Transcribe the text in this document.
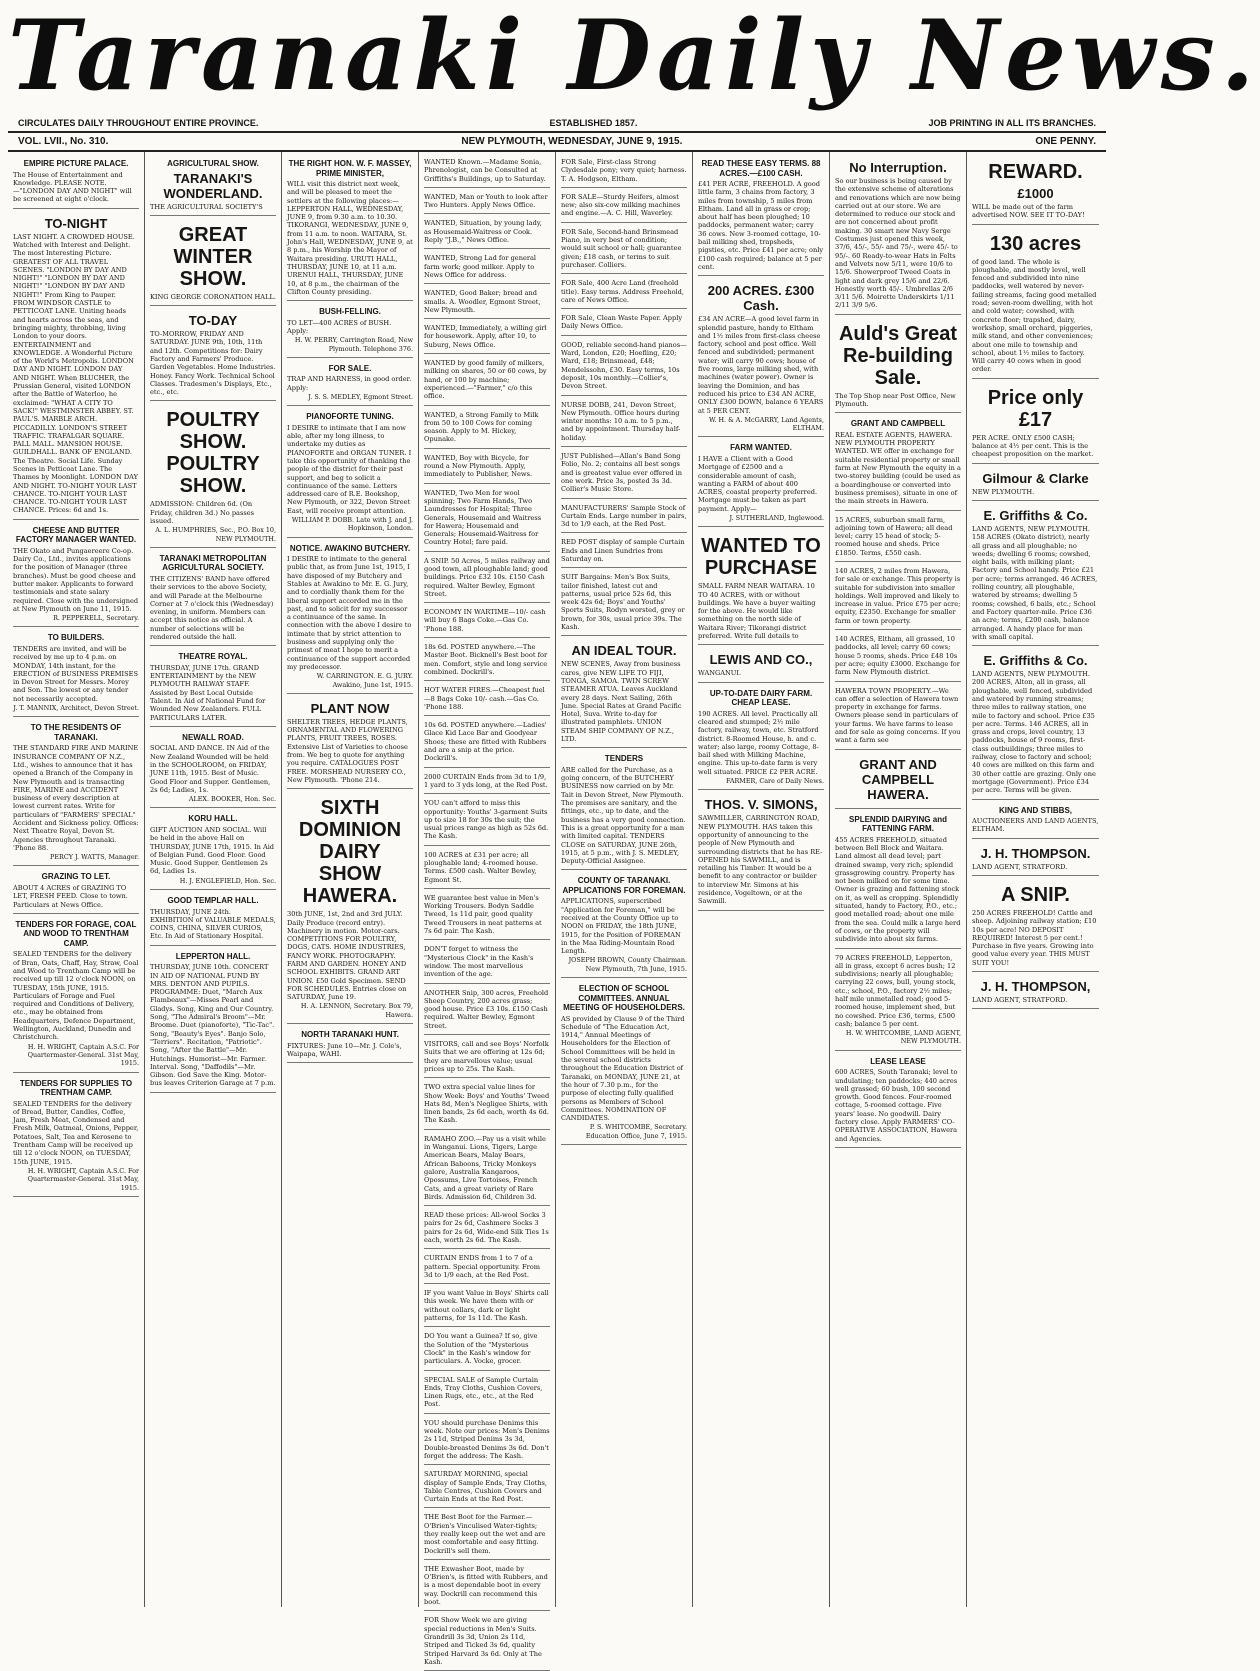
Taranaki Daily News.
CIRCULATES DAILY THROUGHOUT ENTIRE PROVINCE.	ESTABLISHED 1857.	JOB PRINTING IN ALL ITS BRANCHES.
VOL. LVII., No. 310.	NEW PLYMOUTH, WEDNESDAY, JUNE 9, 1915.	ONE PENNY.
EMPIRE PICTURE PALACE.
The House of Entertainment and Knowledge. PLEASE NOTE.—"LONDON DAY AND NIGHT" will be screened at eight o'clock.
TO-NIGHT
LAST NIGHT. A CROWDED HOUSE. Watched with Interest and Delight. The most Interesting Picture. GREATEST OF ALL TRAVEL SCENES. "LONDON BY DAY AND NIGHT!" "LONDON BY DAY AND NIGHT!" "LONDON BY DAY AND NIGHT!" From King to Pauper. FROM WINDSOR CASTLE to PETTICOAT LANE. Uniting heads and hearts across the seas, and bringing mighty, throbbing, living London to your doors. ENTERTAINMENT and KNOWLEDGE. A Wonderful Picture of the World's Metropolis. LONDON DAY AND NIGHT. LONDON DAY AND NIGHT. When BLUCHER, the Prussian General, visited LONDON after the Battle of Waterloo, he exclaimed: "WHAT A CITY TO SACK!" WESTMINSTER ABBEY. ST. PAUL'S. MARBLE ARCH. PICCADILLY. LONDON'S STREET TRAFFIC. TRAFALGAR SQUARE. PALL MALL. MANSION HOUSE. GUILDHALL. BANK OF ENGLAND. The Theatre. Social Life. Sunday Scenes in Petticoat Lane. The Thames by Moonlight. LONDON DAY AND NIGHT. TO-NIGHT YOUR LAST CHANCE. TO-NIGHT YOUR LAST CHANCE. TO-NIGHT YOUR LAST CHANCE. Prices: 6d and 1s.
CHEESE AND BUTTER FACTORY MANAGER WANTED.
THE Okato and Pungaereere Co-op. Dairy Co., Ltd., invites applications for the position of Manager (three branches). Must be good cheese and butter maker. Applicants to forward testimonials and state salary required. Close with the undersigned at New Plymouth on June 11, 1915.
R. PEPPERELL, Secretary.
TO BUILDERS.
TENDERS are invited, and will be received by me up to 4 p.m. on MONDAY, 14th instant, for the ERECTION of BUSINESS PREMISES in Devon Street for Messrs. Morey and Son. The lowest or any tender not necessarily accepted.
J. T. MANNIX, Architect, Devon Street.
TO THE RESIDENTS OF TARANAKI.
THE STANDARD FIRE AND MARINE INSURANCE COMPANY OF N.Z., Ltd., wishes to announce that it has opened a Branch of the Company in New Plymouth and is transacting FIRE, MARINE and ACCIDENT business of every description at lowest current rates. Write for particulars of "FARMERS' SPECIAL" Accident and Sickness policy. Offices: Next Theatre Royal, Devon St. Agencies throughout Taranaki. 'Phone 88.
PERCY J. WATTS, Manager.
GRAZING TO LET.
ABOUT 4 ACRES of GRAZING TO LET, FRESH FEED. Close to town. Particulars at News Office.
TENDERS FOR FORAGE, COAL AND WOOD TO TRENTHAM CAMP.
SEALED TENDERS for the delivery of Bran, Oats, Chaff, Hay, Straw, Coal and Wood to Trentham Camp will be received up till 12 o'clock NOON, on TUESDAY, 15th JUNE, 1915. Particulars of Forage and Fuel required and Conditions of Delivery, etc., may be obtained from Headquarters, Defence Department, Wellington, Auckland, Dunedin and Christchurch.
H. H. WRIGHT, Captain A.S.C. For Quartermaster-General. 31st May, 1915.
TENDERS FOR SUPPLIES TO TRENTHAM CAMP.
SEALED TENDERS for the delivery of Bread, Butter, Candles, Coffee, Jam, Fresh Meat, Condensed and Fresh Milk, Oatmeal, Onions, Pepper, Potatoes, Salt, Tea and Kerosene to Trentham Camp will be received up till 12 o'clock NOON, on TUESDAY, 15th JUNE, 1915.
H. H. WRIGHT, Captain A.S.C. For Quartermaster-General. 31st May, 1915.
AGRICULTURAL SHOW.
TARANAKI'S WONDERLAND.
THE AGRICULTURAL SOCIETY'S
GREAT WINTER SHOW.
KING GEORGE CORONATION HALL.
TO-DAY
TO-MORROW, FRIDAY AND SATURDAY. JUNE 9th, 10th, 11th and 12th. Competitions for: Dairy Factory and Farmers' Produce. Garden Vegetables. Home Industries. Honey. Fancy Work. Technical School Classes. Tradesmen's Displays, Etc., etc., etc.
POULTRY SHOW. POULTRY SHOW.
ADMISSION: Children 6d. (On Friday, children 3d.) No passes issued.
A. L. HUMPHRIES, Sec., P.O. Box 10, NEW PLYMOUTH.
TARANAKI METROPOLITAN AGRICULTURAL SOCIETY.
THE CITIZENS' BAND have offered their services to the above Society, and will Parade at the Melbourne Corner at 7 o'clock this (Wednesday) evening, in uniform. Members can accept this notice as official. A number of selections will be rendered outside the hall.
THEATRE ROYAL.
THURSDAY, JUNE 17th. GRAND ENTERTAINMENT by the NEW PLYMOUTH RAILWAY STAFF. Assisted by Best Local Outside Talent. In Aid of National Fund for Wounded New Zealanders. FULL PARTICULARS LATER.
NEWALL ROAD.
SOCIAL AND DANCE. IN Aid of the New Zealand Wounded will be held in the SCHOOLROOM, on FRIDAY, JUNE 11th, 1915. Best of Music. Good Floor and Supper. Gentlemen, 2s 6d; Ladies, 1s.
ALEX. BOOKER, Hon. Sec.
KORU HALL.
GIFT AUCTION AND SOCIAL. Will be held in the above Hall on THURSDAY, JUNE 17th, 1915. In Aid of Belgian Fund. Good Floor. Good Music. Good Supper. Gentlemen 2s 6d, Ladies 1s.
H. J. ENGLEFIELD, Hon. Sec.
GOOD TEMPLAR HALL.
THURSDAY, JUNE 24th. EXHIBITION of VALUABLE MEDALS, COINS, CHINA, SILVER CURIOS, Etc. In Aid of Stationary Hospital.
LEPPERTON HALL.
THURSDAY, JUNE 10th. CONCERT IN AID OF NATIONAL FUND BY MRS. DENTON AND PUPILS. PROGRAMME: Duet, "March Aux Flambeaux"—Misses Pearl and Gladys. Song, King and Our Country. Song, "The Admiral's Broom"—Mr. Broome. Duet (pianoforte), "Tic-Tac". Song, "Beauty's Eyes". Banjo Solo, "Terriers". Recitation, "Patriotic". Song, "After the Battle"—Mr. Hutchings. Humorist—Mr. Farmer. Interval. Song, "Daffodils"—Mr. Gibson. God Save the King. Motor-bus leaves Criterion Garage at 7 p.m.
THE RIGHT HON. W. F. MASSEY, PRIME MINISTER,
WILL visit this district next week, and will be pleased to meet the settlers at the following places:— LEPPERTON HALL, WEDNESDAY, JUNE 9, from 9.30 a.m. to 10.30. TIKORANGI, WEDNESDAY, JUNE 9, from 11 a.m. to noon. WAITARA, St. John's Hall, WEDNESDAY, JUNE 9, at 8 p.m., his Worship the Mayor of Waitara presiding. URUTI HALL, THURSDAY, JUNE 10, at 11 a.m. URENUI HALL, THURSDAY, JUNE 10, at 8 p.m., the chairman of the Clifton County presiding.
BUSH-FELLING.
TO LET—400 ACRES of BUSH. Apply:
H. W. PERRY, Carrington Road, New Plymouth. Telephone 376.
FOR SALE.
TRAP AND HARNESS, in good order. Apply:
J. S. S. MEDLEY, Egmont Street.
PIANOFORTE TUNING.
I DESIRE to intimate that I am now able, after my long illness, to undertake my duties as PIANOFORTE and ORGAN TUNER. I take this opportunity of thanking the people of the district for their past support, and beg to solicit a continuance of the same. Letters addressed care of R.E. Bookshop, New Plymouth, or 322, Devon Street East, will receive prompt attention.
WILLIAM P. DOBB. Late with J. and J. Hopkinson, London.
NOTICE. AWAKINO BUTCHERY.
I DESIRE to intimate to the general public that, as from June 1st, 1915, I have disposed of my Butchery and Stables at Awakino to Mr. E. G. Jury, and to cordially thank them for the liberal support accorded me in the past, and to solicit for my successor a continuance of the same. In connection with the above I desire to intimate that by strict attention to business and supplying only the primest of meat I hope to merit a continuance of the support accorded my predecessor.
W. CARRINGTON. E. G. JURY. Awakino, June 1st, 1915.
PLANT NOW
SHELTER TREES, HEDGE PLANTS, ORNAMENTAL AND FLOWERING PLANTS, FRUIT TREES, ROSES. Extensive List of Varieties to choose from. We beg to quote for anything you require. CATALOGUES POST FREE. MORSHEAD NURSERY CO., New Plymouth. 'Phone 214.
SIXTH DOMINION DAIRY SHOW HAWERA.
30th JUNE, 1st, 2nd and 3rd JULY. Daily Produce (record entry). Machinery in motion. Motor-cars. COMPETITIONS FOR POULTRY, DOGS, CATS. HOME INDUSTRIES, FANCY WORK. PHOTOGRAPHY. FARM AND GARDEN. HONEY AND SCHOOL EXHIBITS. GRAND ART UNION. £50 Gold Specimen. SEND FOR SCHEDULES. Entries close on SATURDAY, June 19.
H. A. LENNON, Secretary. Box 79, Hawera.
NORTH TARANAKI HUNT.
FIXTURES: June 10—Mr. J. Cole's, Waipapa, WAHI.
WANTED Known.—Madame Sonia, Phrenologist, can be Consulted at Griffiths's Buildings, up to Saturday.
WANTED, Man or Youth to look after Two Hunters. Apply News Office.
WANTED, Situation, by young lady, as Housemaid-Waitress or Cook. Reply "J.B.," News Office.
WANTED, Strong Lad for general farm work; good milker. Apply to News Office for address.
WANTED, Good Baker; bread and smalls. A. Woodler, Egmont Street, New Plymouth.
WANTED, Immediately, a willing girl for housework. Apply, after 10, to Suburg, News Office.
WANTED by good family of milkers, milking on shares, 50 or 60 cows, by hand, or 100 by machine; experienced.—"Farmer," c/o this office.
WANTED, a Strong Family to Milk from 50 to 100 Cows for coming season. Apply to M. Hickey, Opunake.
WANTED, Boy with Bicycle, for round a New Plymouth. Apply, immediately to Publisher, News.
WANTED, Two Men for wool spinning; Two Farm Hands, Two Laundresses for Hospital; Three Generals, Housemaid and Waitress for Hawera; Housemaid and Generals; Housemaid-Waitress for Country Hotel; fare paid.
A SNIP. 50 Acres, 5 miles railway and good town, all ploughable land; good buildings. Price £32 10s. £150 Cash required. Walter Bewley, Egmont Street.
ECONOMY IN WARTIME—10/- cash will buy 6 Bags Coke.—Gas Co. 'Phone 188.
18s 6d. POSTED anywhere.—The Master Boot. Bicknell's Best boot for men. Comfort, style and long service combined. Dockrill's.
HOT WATER FIRES.—Cheapest fuel —8 Bags Coke 10/- cash.—Gas Co. 'Phone 188.
10s 6d. POSTED anywhere.—Ladies' Glace Kid Lace Bar and Goodyear Shoes; these are fitted with Rubbers and are a snip at the price. Dockrill's.
2000 CURTAIN Ends from 3d to 1/9, 1 yard to 3 yds long, at the Red Post.
YOU can't afford to miss this opportunity: Youths' 3-garment Suits up to size 18 for 30s the suit; the usual prices range as high as 52s 6d. The Kash.
100 ACRES at £31 per acre; all ploughable land; 4-roomed house. Terms. £500 cash. Walter Bewley, Egmont St.
WE guarantee best value in Men's Working Trousers. Bodyn Saddle Tweed, 1s 11d pair, good quality Tweed Trousers in neat patterns at 7s 6d pair. The Kash.
DON'T forget to witness the "Mysterious Clock" in the Kash's window. The most marvellous invention of the age.
ANOTHER Snip, 300 acres, Freehold Sheep Country, 200 acres grass; good house. Price £3 10s. £150 Cash required. Walter Bewley, Egmont Street.
VISITORS, call and see Boys' Norfolk Suits that we are offering at 12s 6d; they are marvellous value; usual prices up to 25s. The Kash.
TWO extra special value lines for Show Week: Boys' and Youths' Tweed Hats 8d, Men's Negligee Shirts, with linen bands, 2s 6d each, worth 4s 6d. The Kash.
RAMAHO ZOO.—Pay us a visit while in Wanganui. Lions, Tigers, Large American Bears, Malay Bears, African Baboons, Tricky Monkeys galore, Australia Kangaroos, Opossums, Live Tortoises, French Cats, and a great variety of Rare Birds. Admission 6d, Children 3d.
READ these prices: All-wool Socks 3 pairs for 2s 6d, Cashmere Socks 3 pairs for 2s 6d, Wide-end Silk Ties 1s each, worth 2s 6d. The Kash.
CURTAIN ENDS from 1 to 7 of a pattern. Special opportunity. From 3d to 1/9 each, at the Red Post.
IF you want Value in Boys' Shirts call this week. We have them with or without collars, dark or light patterns, for 1s 11d. The Kash.
DO You want a Guinea? If so, give the Solution of the "Mysterious Clock" in the Kash's window for particulars. A. Vocke, grocer.
SPECIAL SALE of Sample Curtain Ends, Tray Cloths, Cushion Covers, Linen Rugs, etc., etc., at the Red Post.
YOU should purchase Denims this week. Note our prices: Men's Denims 2s 11d, Striped Denims 3s 3d, Double-breasted Denims 3s 6d. Don't forget the address: The Kash.
SATURDAY MORNING, special display of Sample Ends, Tray Cloths, Table Centres, Cushion Covers and Curtain Ends at the Red Post.
THE Best Boot for the Farmer.—O'Brien's Vinculised Water-tights; they really keep out the wet and are most comfortable and easy fitting. Dockrill's sell them.
THE Exwasher Boot, made by O'Brien's, is fitted with Rubbers, and is a most dependable boot in every way. Dockrill can recommend this boot.
FOR Show Week we are giving special reductions in Men's Suits. Grandrill 3s 3d, Union 2s 11d, Striped and Ticked 3s 6d, quality Striped Harvard 3s 6d. Only at The Kash.
FOR Sale, First-class Strong Clydesdale pony; very quiet; harness. T. A. Hodgson, Eltham.
FOR SALE—Sturdy Heifers, almost new; also six-cow milking machines and engine.—A. C. Hill, Waverley.
FOR Sale, Second-hand Brinsmead Piano, in very best of condition; would suit school or hall; guarantee given; £18 cash, or terms to suit purchaser. Colliers.
FOR Sale, 400 Acre Land (freehold title). Easy terms. Address Freehold, care of News Office.
FOR Sale, Clean Waste Paper. Apply Daily News Office.
GOOD, reliable second-hand pianos—Ward, London, £20; Hoefling, £20; Ward, £18; Brinsmead, £48; Mendelssohn, £30. Easy terms, 10s deposit, 10s monthly.—Collier's, Devon Street.
NURSE DOBB, 241, Devon Street, New Plymouth. Office hours during winter months: 10 a.m. to 5 p.m., and by appointment. Thursday half-holiday.
JUST Published—Allan's Band Song Folio, No. 2; contains all best songs and is greatest value ever offered in one work. Price 3s, posted 3s 3d. Collier's Music Store.
MANUFACTURERS' Sample Stock of Curtain Ends. Large number in pairs, 3d to 1/9 each, at the Red Post.
RED POST display of sample Curtain Ends and Linen Sundries from Saturday on.
SUIT Bargains: Men's Box Suits, tailor finished, latest cut and patterns, usual price 52s 6d, this week 42s 6d; Boys' and Youths' Sports Suits, Rodyn worsted, grey or brown, for 30s, usual price 39s. The Kash.
AN IDEAL TOUR.
NEW SCENES, Away from business cares, give NEW LIFE TO FIJI, TONGA, SAMOA. TWIN SCREW STEAMER ATUA. Leaves Auckland every 28 days. Next Sailing, 26th June. Special Rates at Grand Pacific Hotel, Suva. Write to-day for illustrated pamphlets. UNION STEAM SHIP COMPANY OF N.Z., LTD.
TENDERS
ARE called for the Purchase, as a going concern, of the BUTCHERY BUSINESS now carried on by Mr. Tait in Devon Street, New Plymouth. The premises are sanitary, and the fittings, etc., up to date, and the business has a very good connection. This is a great opportunity for a man with limited capital. TENDERS CLOSE on SATURDAY, JUNE 26th, 1915, at 5 p.m., with J. S. MEDLEY, Deputy-Official Assignee.
COUNTY OF TARANAKI. APPLICATIONS FOR FOREMAN.
APPLICATIONS, superscribed "Application for Foreman," will be received at the County Office up to NOON on FRIDAY, the 18th JUNE, 1915, for the Position of FOREMAN in the Maa Riding-Mountain Road Length.
JOSEPH BROWN, County Chairman. New Plymouth, 7th June, 1915.
ELECTION OF SCHOOL COMMITTEES. ANNUAL MEETING OF HOUSEHOLDERS.
AS provided by Clause 9 of the Third Schedule of "The Education Act, 1914," Annual Meetings of Householders for the Election of School Committees will be held in the several school districts throughout the Education District of Taranaki, on MONDAY, JUNE 21, at the hour of 7.30 p.m., for the purpose of electing fully qualified persons as Members of School Committees. NOMINATION OF CANDIDATES.
P. S. WHITCOMBE, Secretary. Education Office, June 7, 1915.
READ THESE EASY TERMS. 88 ACRES.—£100 CASH.
£41 PER ACRE, FREEHOLD. A good little farm, 3 chains from factory, 3 miles from township, 5 miles from Eltham. Land all in grass or crop; about half has been ploughed; 10 paddocks, permanent water; carry 36 cows. New 3-roomed cottage, 10-bail milking shed, trapsheds, pigsties, etc. Price £41 per acre; only £100 cash required; balance at 5 per cent.
200 ACRES. £300 Cash.
£34 AN ACRE—A good level farm in splendid pasture, handy to Eltham and 1½ miles from first-class cheese factory, school and post office. Well fenced and subdivided; permanent water; will carry 90 cows; house of five rooms, large milking shed, with machines (water power). Owner is leaving the Dominion, and has reduced his price to £34 AN ACRE, ONLY £300 DOWN, balance 6 YEARS at 5 PER CENT.
W. H. & A. McGARRY, Land Agents, ELTHAM.
FARM WANTED.
I HAVE a Client with a Good Mortgage of £2500 and a considerable amount of cash, wanting a FARM of about 400 ACRES, coastal property preferred. Mortgage must be taken as part payment. Apply—
J. SUTHERLAND, Inglewood.
WANTED TO PURCHASE
SMALL FARM NEAR WAITARA. 10 TO 40 ACRES, with or without buildings. We have a buyer waiting for the above. He would like something on the north side of Waitara River; Tikorangi district preferred. Write full details to
LEWIS AND CO.,
WANGANUI.
UP-TO-DATE DAIRY FARM. CHEAP LEASE.
190 ACRES. All level. Practically all cleared and stumped; 2½ mile factory, railway, town, etc. Stratford district. 8-Roomed House, h. and c. water; also large, roomy Cottage, 8-bail shed with Milking Machine, engine. This up-to-date farm is very well situated. PRICE £2 PER ACRE.
FARMER, Care of Daily News.
THOS. V. SIMONS,
SAWMILLER, CARRINGTON ROAD, NEW PLYMOUTH. HAS taken this opportunity of announcing to the people of New Plymouth and surrounding districts that he has RE-OPENED his SAWMILL, and is retailing his Timber. It would be a benefit to any contractor or builder to interview Mr. Simons at his residence, Vogeltown, or at the Sawmill.
No Interruption.
So our business is being caused by the extensive scheme of alterations and renovations which are now being carried out at our store. We are determined to reduce our stock and are not concerned about profit making. 30 smart new Navy Serge Costumes just opened this week, 37/6, 45/-, 55/- and 75/-, were 45/- to 95/-. 60 Ready-to-wear Hats in Felts and Velvets now 5/11, were 10/6 to 15/6. Showerproof Tweed Coats in light and dark grey 15/6 and 22/6. Honestly worth 45/-. Umbrellas 2/6 3/11 5/6. Moirette Underskirts 1/11 2/11 3/9 5/6.
Auld's Great Re-building Sale.
The Top Shop near Post Office, New Plymouth.
GRANT AND CAMPBELL
REAL ESTATE AGENTS, HAWERA. NEW PLYMOUTH PROPERTY WANTED. WE offer in exchange for suitable residential property or small farm at New Plymouth the equity in a two-storey building (could be used as a boardinghouse or converted into business premises), situate in one of the main streets in Hawera.
15 ACRES, suburban small farm, adjoining town of Hawera; all dead level; carry 15 head of stock; 5-roomed house and sheds. Price £1850. Terms, £550 cash.
140 ACRES, 2 miles from Hawera, for sale or exchange. This property is suitable for subdivision into smaller holdings. Well improved and likely to increase in value. Price £75 per acre; equity, £2350. Exchange for smaller farm or town property.
140 ACRES, Eltham, all grassed, 10 paddocks, all level; carry 60 cows; house 5 rooms, sheds. Price £48 10s per acre; equity £3000. Exchange for farm New Plymouth district.
HAWERA TOWN PROPERTY.—We can offer a selection of Hawera town property in exchange for farms. Owners please send in particulars of your farms. We have farms to lease and for sale as going concerns. If you want a farm see
GRANT AND CAMPBELL HAWERA.
SPLENDID DAIRYING and FATTENING FARM.
455 ACRES FREEHOLD, situated between Bell Block and Waitara. Land almost all dead level; part drained swamp, very rich; splendid grassgrowing country. Property has not been milked on for some time. Owner is grazing and fattening stock on it, as well as cropping. Splendidly situated, handy to Factory, P.O., etc.; good metalled road; about one mile from the sea. Could milk a large herd of cows, or the property will subdivide into about six farms.
79 ACRES FREEHOLD, Lepperton, all in grass, except 6 acres bush; 12 subdivisions; nearly all ploughable; carrying 22 cows, bull, young stock, etc.; school, P.O., factory 2½ miles; half mile unmetalled road; good 5-roomed house, implement shed, but no cowshed. Price £36, terms, £500 cash; balance 5 per cent.
H. W. WHITCOMBE, LAND AGENT, NEW PLYMOUTH.
LEASE LEASE
600 ACRES, South Taranaki; level to undulating; ten paddocks; 440 acres well grassed; 60 bush, 100 second growth. Good fences. Four-roomed cottage, 5-roomed cottage. Five years' lease. No goodwill. Dairy factory close. Apply FARMERS' CO-OPERATIVE ASSOCIATION, Hawera and Agencies.
REWARD.
£1000
WILL be made out of the farm advertised NOW. SEE IT TO-DAY!
130 acres
of good land. The whole is ploughable, and mostly level, well fenced and subdivided into nine paddocks, well watered by never-failing streams, facing good metalled road; seven-room dwelling, with hot and cold water; cowshed, with concrete floor; trapshed, dairy, workshop, small orchard, piggeries, milk stand, and other conveniences; about one mile to township and school, about 1½ miles to factory. Will carry 40 cows when in good order.
Price only £17
PER ACRE. ONLY £500 CASH; balance at 4½ per cent. This is the cheapest proposition on the market.
Gilmour & Clarke
NEW PLYMOUTH.
E. Griffiths & Co.
LAND AGENTS, NEW PLYMOUTH. 158 ACRES (Okato district), nearly all grass and all ploughable; no weeds; dwelling 6 rooms; cowshed, eight bails, with milking plant; Factory and School handy. Price £21 per acre; terms arranged. 46 ACRES, rolling country, all ploughable, watered by streams; dwelling 5 rooms; cowshed, 6 bails, etc.; School and Factory quarter-mile. Price £36 an acre; terms, £200 cash, balance arranged. A handy place for man with small capital.
E. Griffiths & Co.
LAND AGENTS, NEW PLYMOUTH. 200 ACRES, Alton, all in grass, all ploughable, well fenced, subdivided and watered by running streams; three miles to railway station, one mile to factory and school. Price £35 per acre. Terms. 146 ACRES, all in grass and crops, level country, 13 paddocks, house of 9 rooms, first-class outbuildings; three miles to railway, close to factory and school; 40 cows are milked on this farm and 30 other cattle are grazing. Only one mortgage (Government). Price £34 per acre. Terms will be given.
KING AND STIBBS,
AUCTIONEERS AND LAND AGENTS, ELTHAM.
J. H. THOMPSON.
LAND AGENT, STRATFORD.
A SNIP.
250 ACRES FREEHOLD! Cattle and sheep. Adjoining railway station; £10 10s per acre! NO DEPOSIT REQUIRED! Interest 5 per cent.! Purchase in five years. Growing into good value every year. THIS MUST SUIT YOU!
J. H. THOMPSON,
LAND AGENT, STRATFORD.
